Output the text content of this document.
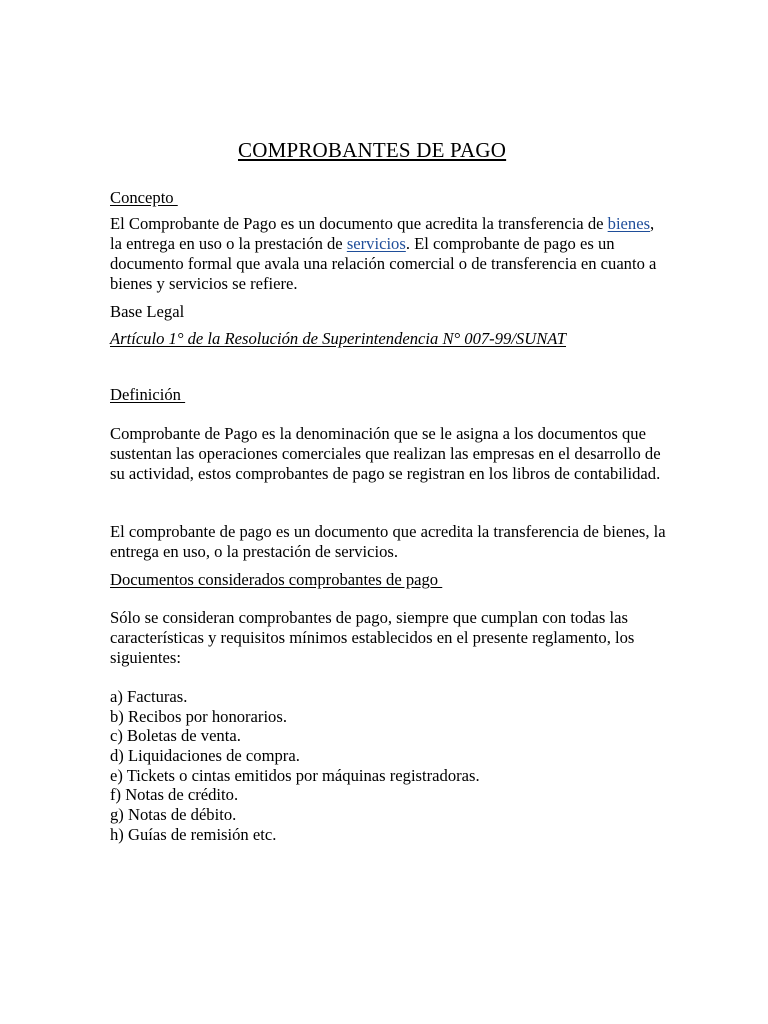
COMPROBANTES DE PAGO
Concepto

El Comprobante de Pago es un documento que acredita la transferencia de bienes, la entrega en uso o la prestación de servicios. El comprobante de pago es un documento formal que avala una relación comercial o de transferencia en cuanto a bienes y servicios se refiere.

Base Legal
Artículo 1° de la Resolución de Superintendencia N° 007-99/SUNAT
Definición

Comprobante de Pago es la denominación que se le asigna a los documentos que sustentan las operaciones comerciales que realizan las empresas en el desarrollo de su actividad, estos comprobantes de pago se registran en los libros de contabilidad.

El comprobante de pago es un documento que acredita la transferencia de bienes, la entrega en uso, o la prestación de servicios.

Documentos considerados comprobantes de pago

Sólo se consideran comprobantes de pago, siempre que cumplan con todas las características y requisitos mínimos establecidos en el presente reglamento, los siguientes:

a) Facturas.
b) Recibos por honorarios.
c) Boletas de venta.
d) Liquidaciones de compra.
e) Tickets o cintas emitidos por máquinas registradoras.
f) Notas de crédito.
g) Notas de débito.
h) Guías de remisión etc.
